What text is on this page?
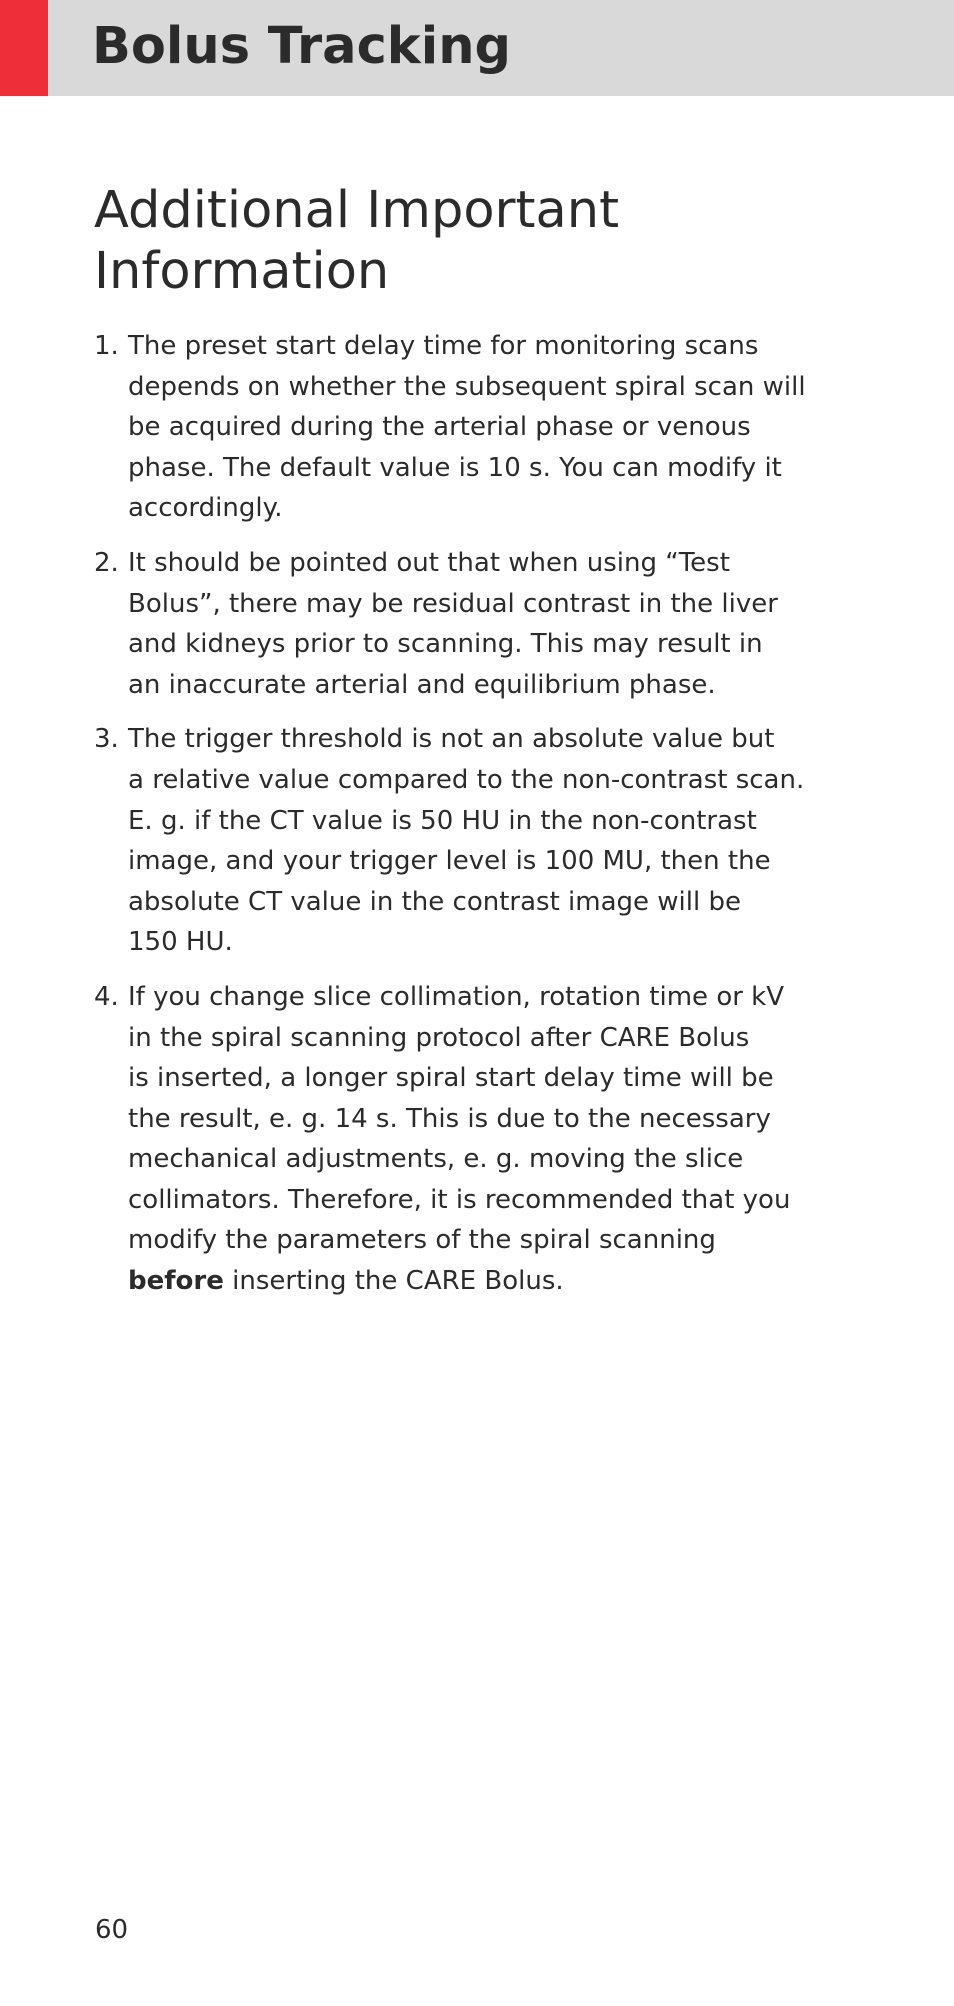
Bolus Tracking
Additional Important
Information
1. The preset start delay time for monitoring scans
depends on whether the subsequent spiral scan will
be acquired during the arterial phase or venous
phase. The default value is 10 s. You can modify it
accordingly.
2. It should be pointed out that when using “Test
Bolus”, there may be residual contrast in the liver
and kidneys prior to scanning. This may result in
an inaccurate arterial and equilibrium phase.
3. The trigger threshold is not an absolute value but
a relative value compared to the non-contrast scan.
E. g. if the CT value is 50 HU in the non-contrast
image, and your trigger level is 100 MU, then the
absolute CT value in the contrast image will be
150 HU.
4. If you change slice collimation, rotation time or kV
in the spiral scanning protocol after CARE Bolus
is inserted, a longer spiral start delay time will be
the result, e. g. 14 s. This is due to the necessary
mechanical adjustments, e. g. moving the slice
collimators. Therefore, it is recommended that you
modify the parameters of the spiral scanning
before inserting the CARE Bolus.
60
